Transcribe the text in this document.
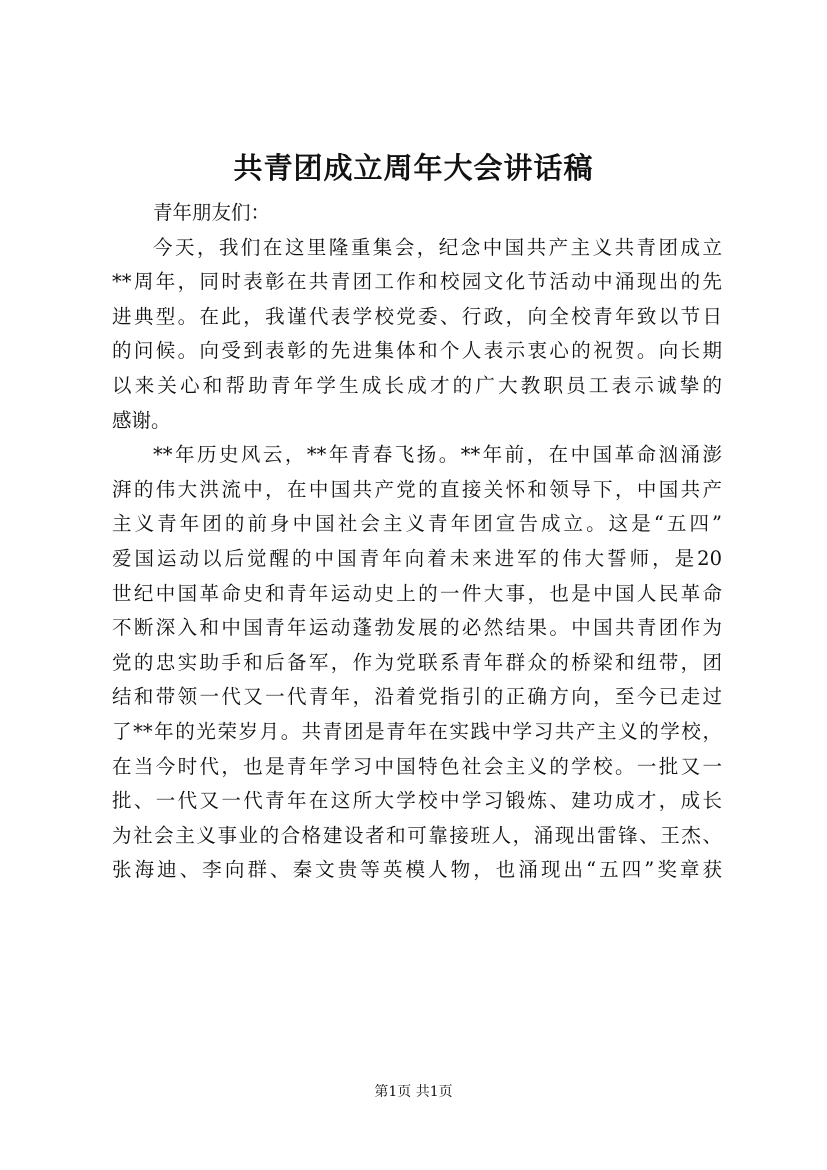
共青团成立周年大会讲话稿
青年朋友们：
今天，我们在这里隆重集会，纪念中国共产主义共青团成立
**周年，同时表彰在共青团工作和校园文化节活动中涌现出的先
进典型。在此，我谨代表学校党委、行政，向全校青年致以节日
的问候。向受到表彰的先进集体和个人表示衷心的祝贺。向长期
以来关心和帮助青年学生成长成才的广大教职员工表示诚挚的
感谢。
**年历史风云，**年青春飞扬。**年前，在中国革命汹涌澎
湃的伟大洪流中，在中国共产党的直接关怀和领导下，中国共产
主义青年团的前身中国社会主义青年团宣告成立。这是“五四”
爱国运动以后觉醒的中国青年向着未来进军的伟大誓师，是20
世纪中国革命史和青年运动史上的一件大事，也是中国人民革命
不断深入和中国青年运动蓬勃发展的必然结果。中国共青团作为
党的忠实助手和后备军，作为党联系青年群众的桥梁和纽带，团
结和带领一代又一代青年，沿着党指引的正确方向，至今已走过
了**年的光荣岁月。共青团是青年在实践中学习共产主义的学校，
在当今时代，也是青年学习中国特色社会主义的学校。一批又一
批、一代又一代青年在这所大学校中学习锻炼、建功成才，成长
为社会主义事业的合格建设者和可靠接班人，涌现出雷锋、王杰、
张海迪、李向群、秦文贵等英模人物，也涌现出“五四”奖章获
第1页 共1页
